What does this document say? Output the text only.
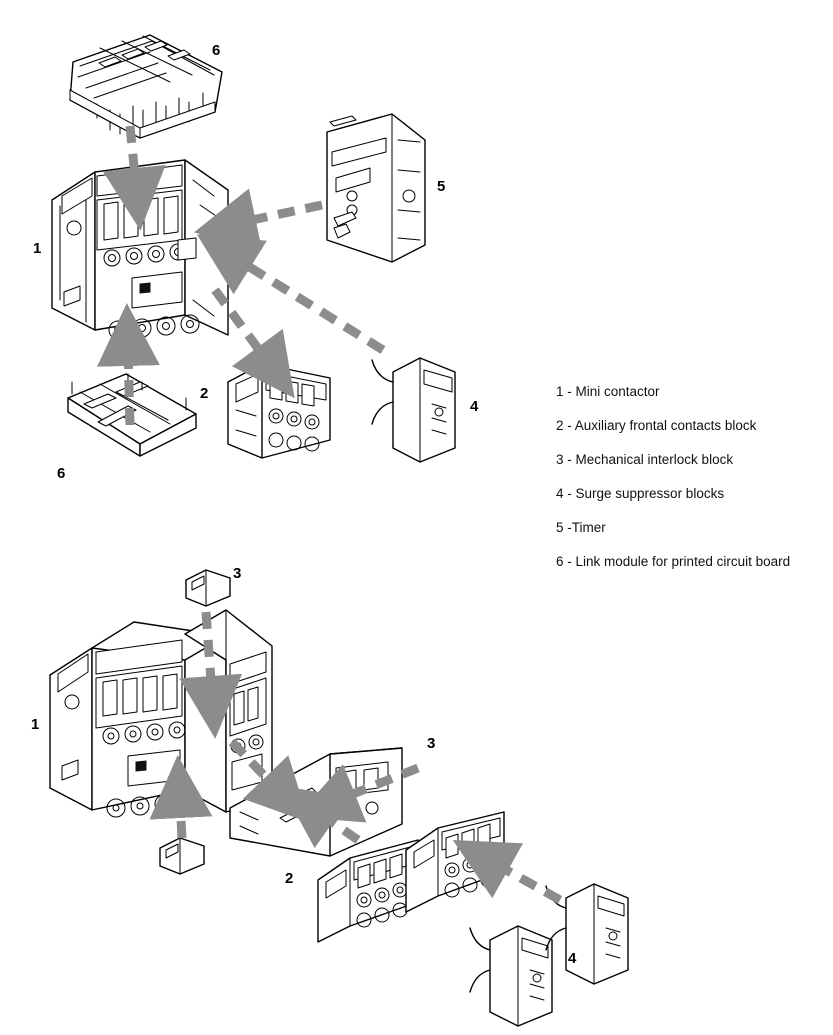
6
5
1
2
4
6
3
1
3
2
4
1 - Mini contactor
2 - Auxiliary frontal contacts block
3 - Mechanical interlock block
4 - Surge suppressor blocks
5 -Timer
6 - Link module for printed circuit board
